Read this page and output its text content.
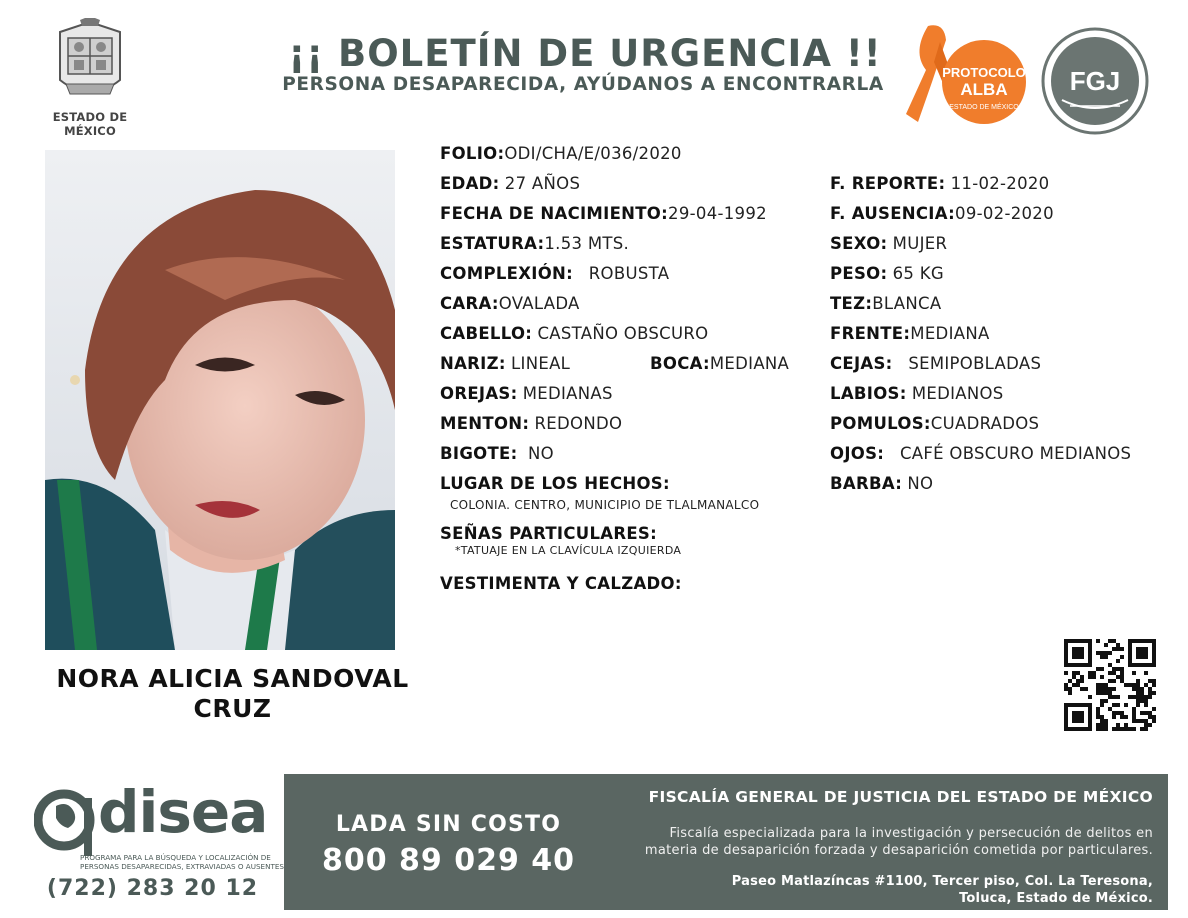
ESTADO DE MÉXICO
¡¡ BOLETÍN DE URGENCIA !!
PERSONA DESAPARECIDA, AYÚDANOS A ENCONTRARLA
PROTOCOLO
ALBA
ESTADO DE MÉXICO
FGJ
NORA ALICIA SANDOVAL
CRUZ
FOLIO:ODI/CHA/E/036/2020
EDAD: 27 AÑOS
FECHA DE NACIMIENTO:29-04-1992
ESTATURA:1.53 MTS.
COMPLEXIÓN: ROBUSTA
CARA:OVALADA
CABELLO: CASTAÑO OBSCURO
NARIZ: LINEAL	BOCA:MEDIANA
OREJAS: MEDIANAS
MENTON: REDONDO
BIGOTE: NO
LUGAR DE LOS HECHOS:
COLONIA. CENTRO, MUNICIPIO DE TLALMANALCO
SEÑAS PARTICULARES:
*TATUAJE EN LA CLAVÍCULA IZQUIERDA
VESTIMENTA Y CALZADO:
F. REPORTE: 11-02-2020
F. AUSENCIA:09-02-2020
SEXO: MUJER
PESO: 65 KG
TEZ:BLANCA
FRENTE:MEDIANA
CEJAS: SEMIPOBLADAS
LABIOS: MEDIANOS
POMULOS:CUADRADOS
OJOS: CAFÉ OBSCURO MEDIANOS
BARBA: NO
disea
PROGRAMA PARA LA BÚSQUEDA Y LOCALIZACIÓN DE PERSONAS DESAPARECIDAS, EXTRAVIADAS O AUSENTES
(722) 283 20 12
LADA SIN COSTO
800 89 029 40
FISCALÍA GENERAL DE JUSTICIA DEL ESTADO DE MÉXICO
Fiscalía especializada para la investigación y persecución de delitos en
materia de desaparición forzada y desaparición cometida por particulares.
Paseo Matlazíncas #1100, Tercer piso, Col. La Teresona,
Toluca, Estado de México.
